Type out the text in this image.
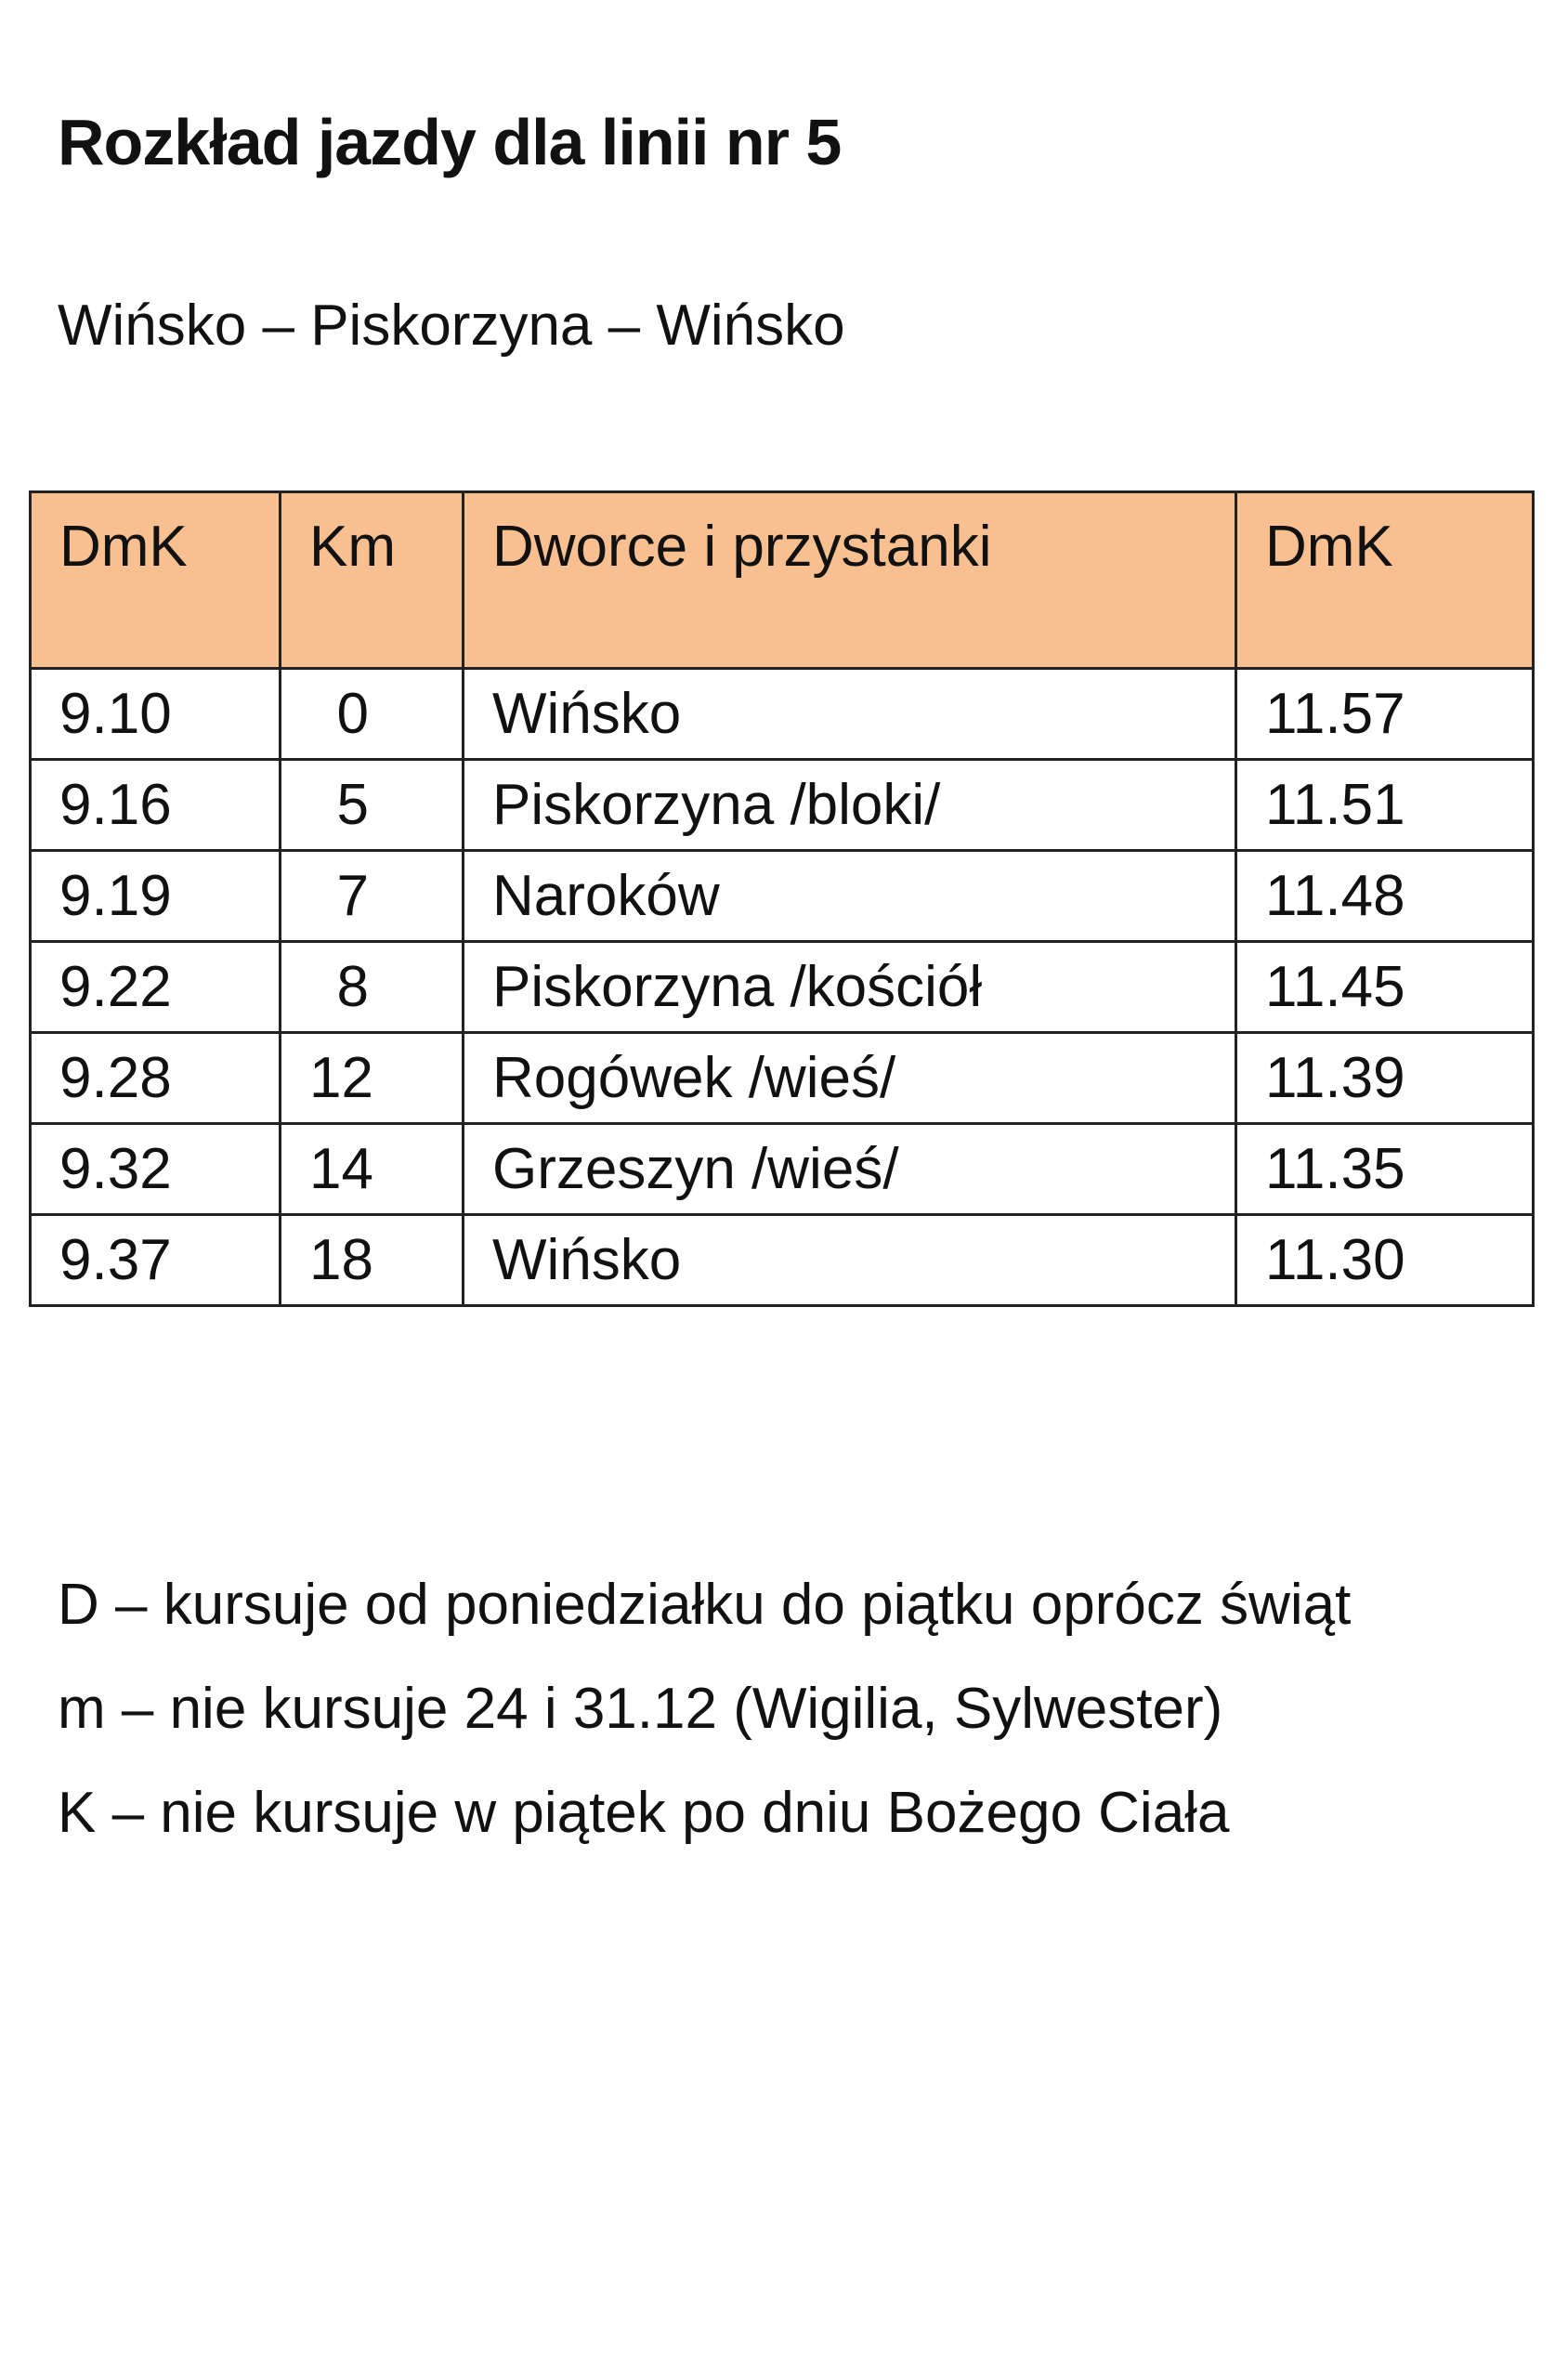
Rozkład jazdy dla linii nr 5
Wińsko – Piskorzyna – Wińsko
DmK	Km	Dworce i przystanki	DmK
9.10	0	Wińsko	11.57
9.16	5	Piskorzyna /bloki/	11.51
9.19	7	Naroków	11.48
9.22	8	Piskorzyna /kościół	11.45
9.28	12	Rogówek /wieś/	11.39
9.32	14	Grzeszyn /wieś/	11.35
9.37	18	Wińsko	11.30
D – kursuje od poniedziałku do piątku oprócz świąt
m – nie kursuje 24 i 31.12 (Wigilia, Sylwester)
K – nie kursuje w piątek po dniu Bożego Ciała
